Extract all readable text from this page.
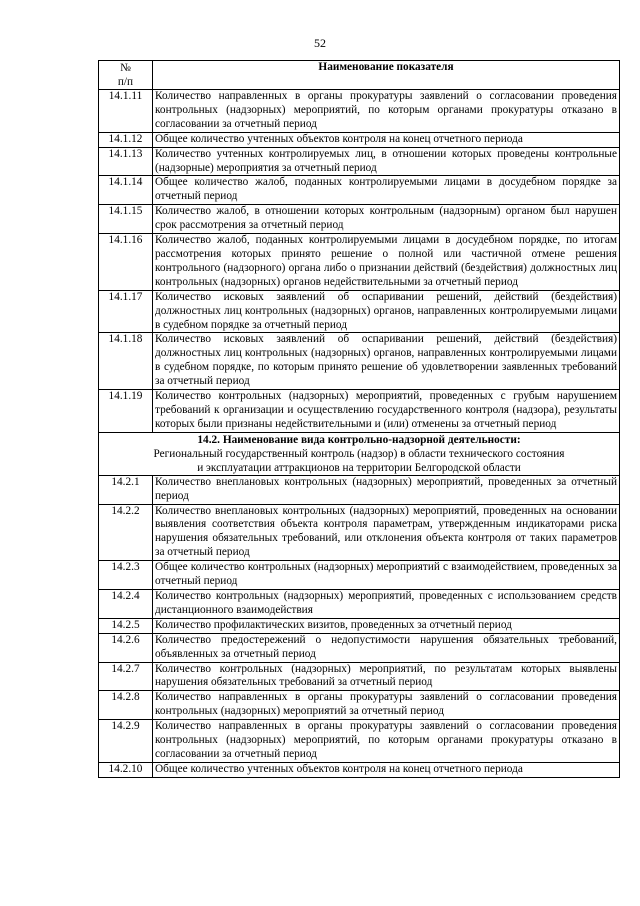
52
№
п/п	Наименование показателя
14.1.11	Количество направленных в органы прокуратуры заявлений о согласовании проведения контрольных (надзорных) мероприятий, по которым органами прокуратуры отказано в согласовании за отчетный период
14.1.12	Общее количество учтенных объектов контроля на конец отчетного периода
14.1.13	Количество учтенных контролируемых лиц, в отношении которых проведены контрольные (надзорные) мероприятия за отчетный период
14.1.14	Общее количество жалоб, поданных контролируемыми лицами в досудебном порядке за отчетный период
14.1.15	Количество жалоб, в отношении которых контрольным (надзорным) органом был нарушен срок рассмотрения за отчетный период
14.1.16	Количество жалоб, поданных контролируемыми лицами в досудебном порядке, по итогам рассмотрения которых принято решение о полной или частичной отмене решения контрольного (надзорного) органа либо о признании действий (бездействия) должностных лиц контрольных (надзорных) органов недействительными за отчетный период
14.1.17	Количество исковых заявлений об оспаривании решений, действий (бездействия) должностных лиц контрольных (надзорных) органов, направленных контролируемыми лицами в судебном порядке за отчетный период
14.1.18	Количество исковых заявлений об оспаривании решений, действий (бездействия) должностных лиц контрольных (надзорных) органов, направленных контролируемыми лицами в судебном порядке, по которым принято решение об удовлетворении заявленных требований за отчетный период
14.1.19	Количество контрольных (надзорных) мероприятий, проведенных с грубым нарушением требований к организации и осуществлению государственного контроля (надзора), результаты которых были признаны недействительными и (или) отменены за отчетный период

14.2. Наименование вида контрольно-надзорной деятельности:
Региональный государственный контроль (надзор) в области технического состояния
и эксплуатации аттракционов на территории Белгородской области	

14.2.1	Количество внеплановых контрольных (надзорных) мероприятий, проведенных за отчетный период
14.2.2	Количество внеплановых контрольных (надзорных) мероприятий, проведенных на основании выявления соответствия объекта контроля параметрам, утвержденным индикаторами риска нарушения обязательных требований, или отклонения объекта контроля от таких параметров за отчетный период
14.2.3	Общее количество контрольных (надзорных) мероприятий с взаимодействием, проведенных за отчетный период
14.2.4	Количество контрольных (надзорных) мероприятий, проведенных с использованием средств дистанционного взаимодействия
14.2.5	Количество профилактических визитов, проведенных за отчетный период
14.2.6	Количество предостережений о недопустимости нарушения обязательных требований, объявленных за отчетный период
14.2.7	Количество контрольных (надзорных) мероприятий, по результатам которых выявлены нарушения обязательных требований за отчетный период
14.2.8	Количество направленных в органы прокуратуры заявлений о согласовании проведения контрольных (надзорных) мероприятий за отчетный период
14.2.9	Количество направленных в органы прокуратуры заявлений о согласовании проведения контрольных (надзорных) мероприятий, по которым органами прокуратуры отказано в согласовании за отчетный период
14.2.10	Общее количество учтенных объектов контроля на конец отчетного периода
